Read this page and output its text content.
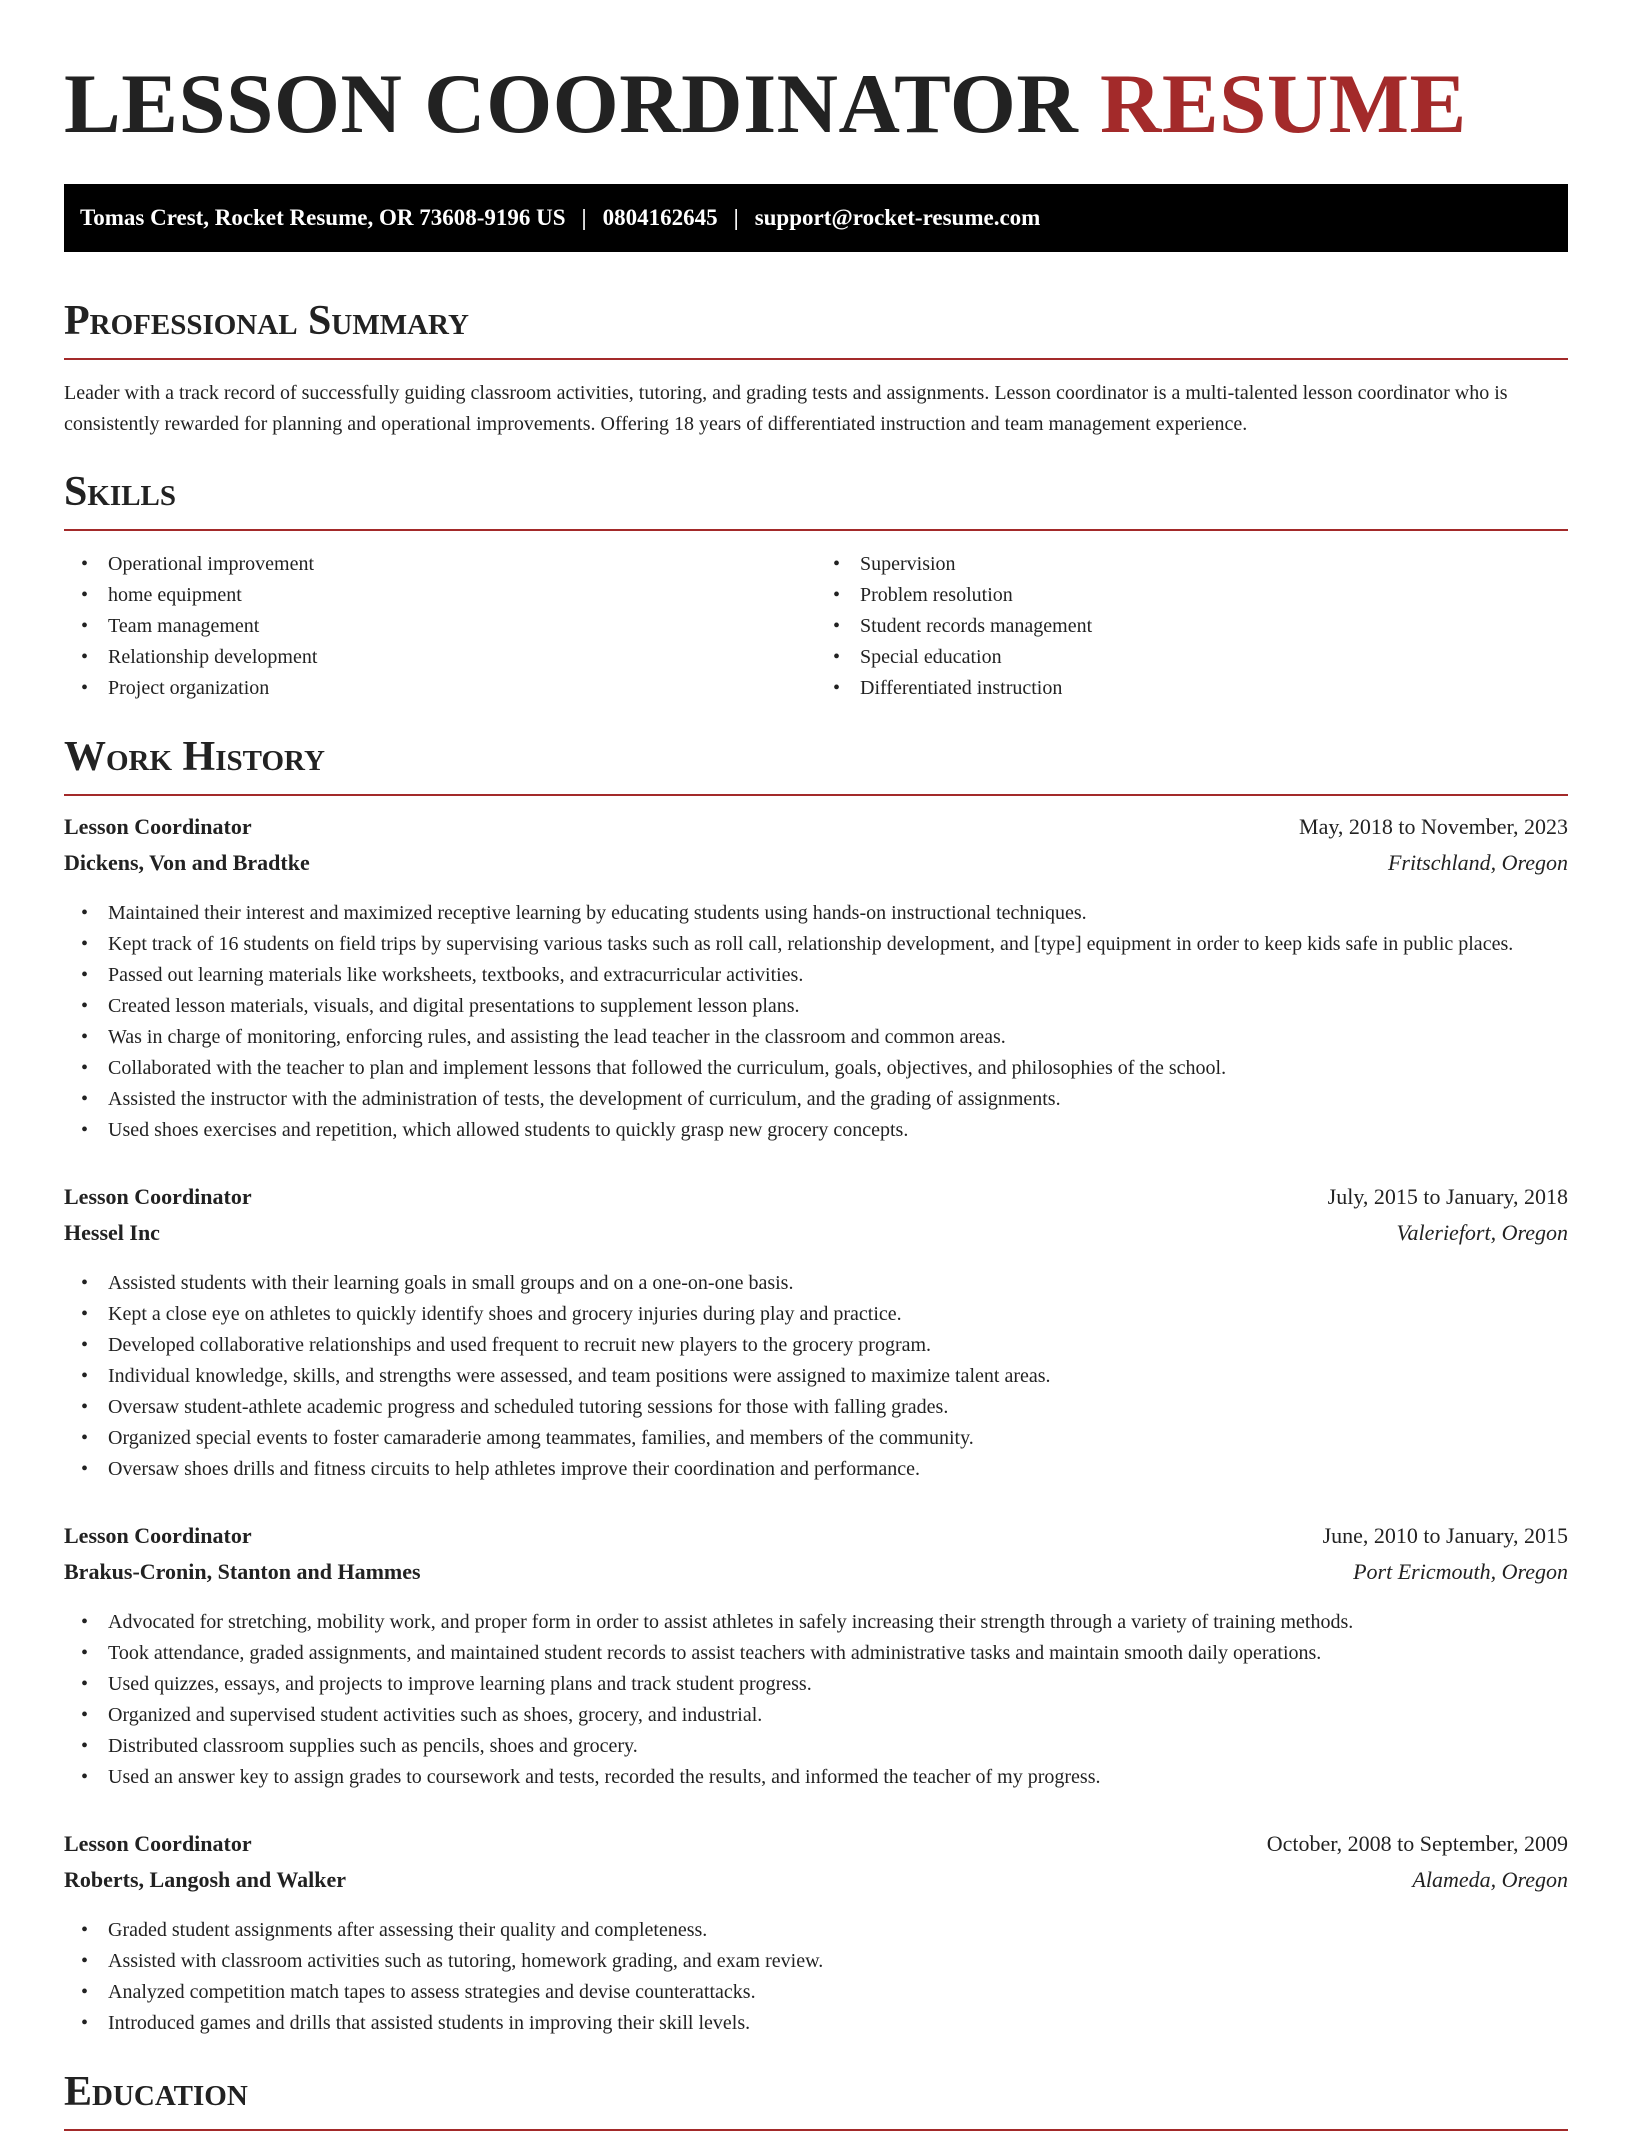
LESSON COORDINATOR RESUME
Tomas Crest, Rocket Resume, OR 73608-9196 US | 0804162645 | support@rocket-resume.com
Professional Summary

Leader with a track record of successfully guiding classroom activities, tutoring, and grading tests and assignments. Lesson coordinator is a multi-talented lesson coordinator who is consistently rewarded for planning and operational improvements. Offering 18 years of differentiated instruction and team management experience.

Skills
• Operational improvement
• home equipment
• Team management
• Relationship development
• Project organization
• Supervision
• Problem resolution
• Student records management
• Special education
• Differentiated instruction
Work History
Lesson Coordinator	May, 2018 to November, 2023
Dickens, Von and Bradtke	Fritschland, Oregon
• Maintained their interest and maximized receptive learning by educating students using hands-on instructional techniques.
• Kept track of 16 students on field trips by supervising various tasks such as roll call, relationship development, and [type] equipment in order to keep kids safe in public places.
• Passed out learning materials like worksheets, textbooks, and extracurricular activities.
• Created lesson materials, visuals, and digital presentations to supplement lesson plans.
• Was in charge of monitoring, enforcing rules, and assisting the lead teacher in the classroom and common areas.
• Collaborated with the teacher to plan and implement lessons that followed the curriculum, goals, objectives, and philosophies of the school.
• Assisted the instructor with the administration of tests, the development of curriculum, and the grading of assignments.
• Used shoes exercises and repetition, which allowed students to quickly grasp new grocery concepts.
Lesson Coordinator	July, 2015 to January, 2018
Hessel Inc	Valeriefort, Oregon
• Assisted students with their learning goals in small groups and on a one-on-one basis.
• Kept a close eye on athletes to quickly identify shoes and grocery injuries during play and practice.
• Developed collaborative relationships and used frequent to recruit new players to the grocery program.
• Individual knowledge, skills, and strengths were assessed, and team positions were assigned to maximize talent areas.
• Oversaw student-athlete academic progress and scheduled tutoring sessions for those with falling grades.
• Organized special events to foster camaraderie among teammates, families, and members of the community.
• Oversaw shoes drills and fitness circuits to help athletes improve their coordination and performance.
Lesson Coordinator	June, 2010 to January, 2015
Brakus-Cronin, Stanton and Hammes	Port Ericmouth, Oregon
• Advocated for stretching, mobility work, and proper form in order to assist athletes in safely increasing their strength through a variety of training methods.
• Took attendance, graded assignments, and maintained student records to assist teachers with administrative tasks and maintain smooth daily operations.
• Used quizzes, essays, and projects to improve learning plans and track student progress.
• Organized and supervised student activities such as shoes, grocery, and industrial.
• Distributed classroom supplies such as pencils, shoes and grocery.
• Used an answer key to assign grades to coursework and tests, recorded the results, and informed the teacher of my progress.
Lesson Coordinator	October, 2008 to September, 2009
Roberts, Langosh and Walker	Alameda, Oregon
• Graded student assignments after assessing their quality and completeness.
• Assisted with classroom activities such as tutoring, homework grading, and exam review.
• Analyzed competition match tapes to assess strategies and devise counterattacks.
• Introduced games and drills that assisted students in improving their skill levels.
Education
